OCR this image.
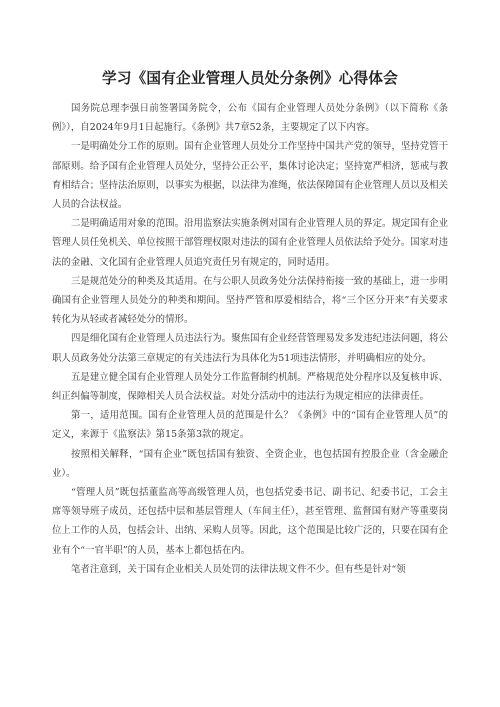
学习《国有企业管理人员处分条例》心得体会

国务院总理李强日前签署国务院令，公布《国有企业管理人员处分条例》（以下简称《条例》），自2024年9月1日起施行。《条例》共7章52条，主要规定了以下内容。

一是明确处分工作的原则。国有企业管理人员处分工作坚持中国共产党的领导，坚持党管干部原则。给予国有企业管理人员处分，坚持公正公平，集体讨论决定；坚持宽严相济，惩戒与教育相结合；坚持法治原则，以事实为根据，以法律为准绳，依法保障国有企业管理人员以及相关人员的合法权益。

二是明确适用对象的范围。沿用监察法实施条例对国有企业管理人员的界定。规定国有企业管理人员任免机关、单位按照干部管理权限对违法的国有企业管理人员依法给予处分。国家对违法的金融、文化国有企业管理人员追究责任另有规定的，同时适用。

三是规范处分的种类及其适用。在与公职人员政务处分法保持衔接一致的基础上，进一步明确国有企业管理人员处分的种类和期间。坚持严管和厚爱相结合，将“三个区分开来”有关要求转化为从轻或者减轻处分的情形。

四是细化国有企业管理人员违法行为。聚焦国有企业经营管理易发多发违纪违法问题，将公职人员政务处分法第三章规定的有关违法行为具体化为51项违法情形，并明确相应的处分。

五是建立健全国有企业管理人员处分工作监督制约机制。严格规范处分程序以及复核申诉、纠正纠偏等制度，保障相关人员合法权益。对处分活动中的违法行为规定相应的法律责任。

第一，适用范围。国有企业管理人员的范围是什么？《条例》中的“国有企业管理人员”的定义，来源于《监察法》第15条第3款的规定。

按照相关解释，“国有企业”既包括国有独资、全资企业，也包括国有控股企业（含金融企业）。

“管理人员”既包括董监高等高级管理人员，也包括党委书记、副书记、纪委书记，工会主席等领导班子成员，还包括中层和基层管理人（车间主任），甚至管理、监督国有财产等重要岗位上工作的人员，包括会计、出纳、采购人员等。因此，这个范围是比较广泛的，只要在国有企业有个“一官半职”的人员，基本上都包括在内。

笔者注意到，关于国有企业相关人员处罚的法律法规文件不少。但有些是针对“领
